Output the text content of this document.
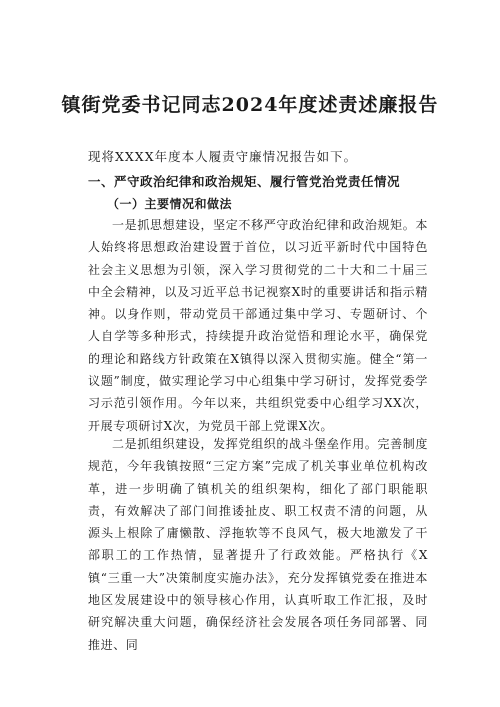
镇街党委书记同志2024年度述责述廉报告
现将XXXX年度本人履责守廉情况报告如下。
一、严守政治纪律和政治规矩、履行管党治党责任情况
（一）主要情况和做法

一是抓思想建设，坚定不移严守政治纪律和政治规矩。本人始终将思想政治建设置于首位，以习近平新时代中国特色社会主义思想为引领，深入学习贯彻党的二十大和二十届三中全会精神，以及习近平总书记视察X时的重要讲话和指示精神。以身作则，带动党员干部通过集中学习、专题研讨、个人自学等多种形式，持续提升政治觉悟和理论水平，确保党的理论和路线方针政策在X镇得以深入贯彻实施。健全“第一议题”制度，做实理论学习中心组集中学习研讨，发挥党委学习示范引领作用。今年以来，共组织党委中心组学习XX次，开展专项研讨X次，为党员干部上党课X次。

二是抓组织建设，发挥党组织的战斗堡垒作用。完善制度规范，今年我镇按照“三定方案”完成了机关事业单位机构改革，进一步明确了镇机关的组织架构，细化了部门职能职责，有效解决了部门间推诿扯皮、职工权责不清的问题，从源头上根除了庸懒散、浮拖软等不良风气，极大地激发了干部职工的工作热情，显著提升了行政效能。严格执行《X镇“三重一大”决策制度实施办法》，充分发挥镇党委在推进本地区发展建设中的领导核心作用，认真听取工作汇报，及时研究解决重大问题，确保经济社会发展各项任务同部署、同推进、同
